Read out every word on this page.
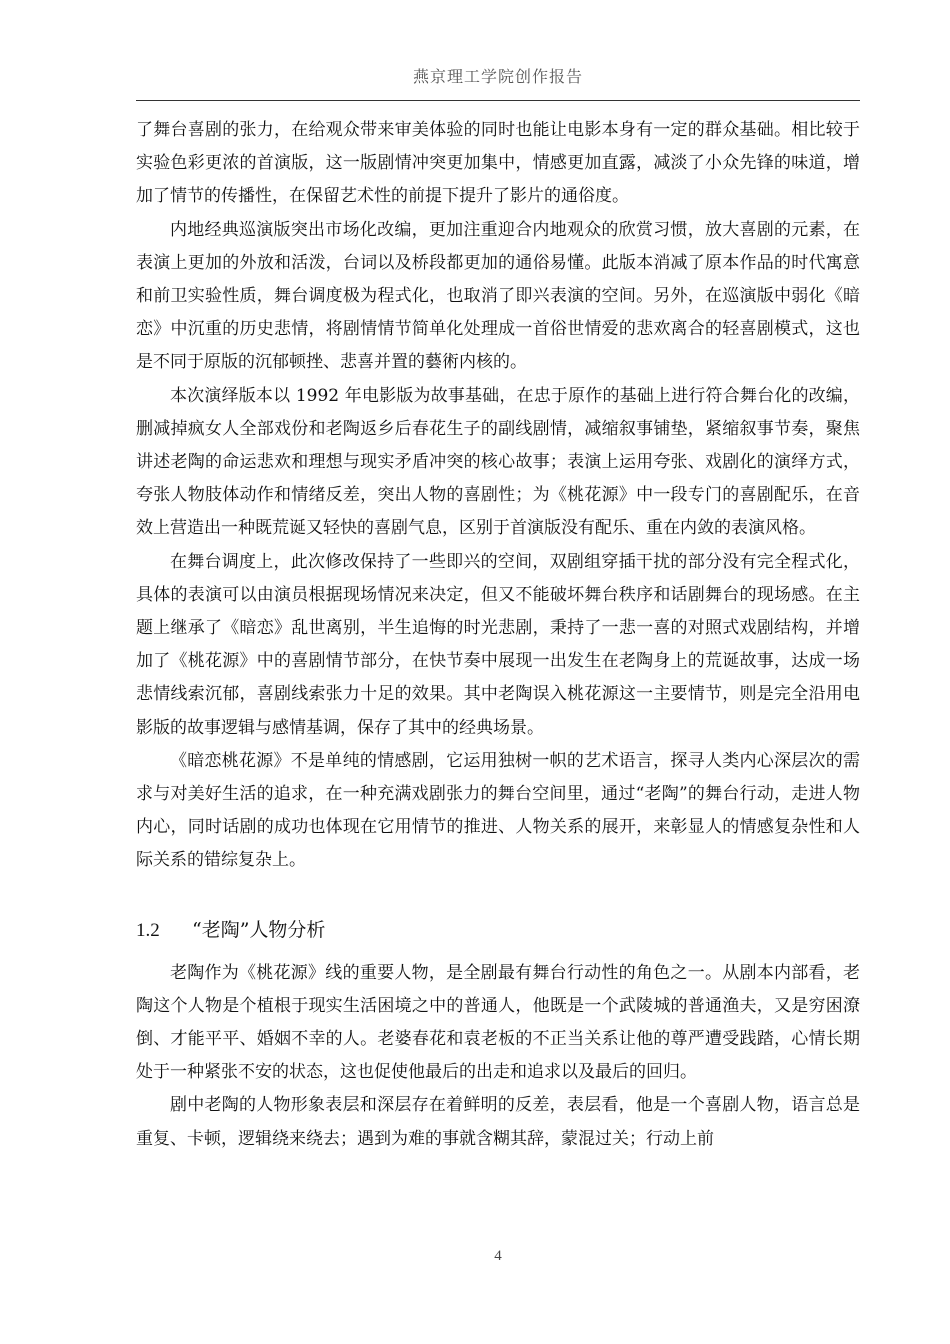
燕京理工学院创作报告

了舞台喜剧的张力，在给观众带来审美体验的同时也能让电影本身有一定的群众基础。相比较于实验色彩更浓的首演版，这一版剧情冲突更加集中，情感更加直露，减淡了小众先锋的味道，增加了情节的传播性，在保留艺术性的前提下提升了影片的通俗度。

内地经典巡演版突出市场化改编，更加注重迎合内地观众的欣赏习惯，放大喜剧的元素，在表演上更加的外放和活泼，台词以及桥段都更加的通俗易懂。此版本消减了原本作品的时代寓意和前卫实验性质，舞台调度极为程式化，也取消了即兴表演的空间。另外，在巡演版中弱化《暗恋》中沉重的历史悲情，将剧情情节简单化处理成一首俗世情爱的悲欢离合的轻喜剧模式，这也是不同于原版的沉郁顿挫、悲喜并置的藝術内核的。

本次演绎版本以 1992 年电影版为故事基础，在忠于原作的基础上进行符合舞台化的改编，删减掉疯女人全部戏份和老陶返乡后春花生子的副线剧情，减缩叙事铺垫，紧缩叙事节奏，聚焦讲述老陶的命运悲欢和理想与现实矛盾冲突的核心故事；表演上运用夸张、戏剧化的演绎方式，夸张人物肢体动作和情绪反差，突出人物的喜剧性；为《桃花源》中一段专门的喜剧配乐，在音效上营造出一种既荒诞又轻快的喜剧气息，区别于首演版没有配乐、重在内敛的表演风格。

在舞台调度上，此次修改保持了一些即兴的空间，双剧组穿插干扰的部分没有完全程式化，具体的表演可以由演员根据现场情况来决定，但又不能破坏舞台秩序和话剧舞台的现场感。在主题上继承了《暗恋》乱世离别，半生追悔的时光悲剧，秉持了一悲一喜的对照式戏剧结构，并增加了《桃花源》中的喜剧情节部分，在快节奏中展现一出发生在老陶身上的荒诞故事，达成一场悲情线索沉郁，喜剧线索张力十足的效果。其中老陶误入桃花源这一主要情节，则是完全沿用电影版的故事逻辑与感情基调，保存了其中的经典场景。

《暗恋桃花源》不是单纯的情感剧，它运用独树一帜的艺术语言，探寻人类内心深层次的需求与对美好生活的追求，在一种充满戏剧张力的舞台空间里，通过“老陶”的舞台行动，走进人物内心，同时话剧的成功也体现在它用情节的推进、人物关系的展开，来彰显人的情感复杂性和人际关系的错综复杂上。

1.2	“老陶”人物分析

老陶作为《桃花源》线的重要人物，是全剧最有舞台行动性的角色之一。从剧本内部看，老陶这个人物是个植根于现实生活困境之中的普通人，他既是一个武陵城的普通渔夫，又是穷困潦倒、才能平平、婚姻不幸的人。老婆春花和袁老板的不正当关系让他的尊严遭受践踏，心情长期处于一种紧张不安的状态，这也促使他最后的出走和追求以及最后的回归。

剧中老陶的人物形象表层和深层存在着鲜明的反差，表层看，他是一个喜剧人物，语言总是重复、卡顿，逻辑绕来绕去；遇到为难的事就含糊其辞，蒙混过关；行动上前

4
